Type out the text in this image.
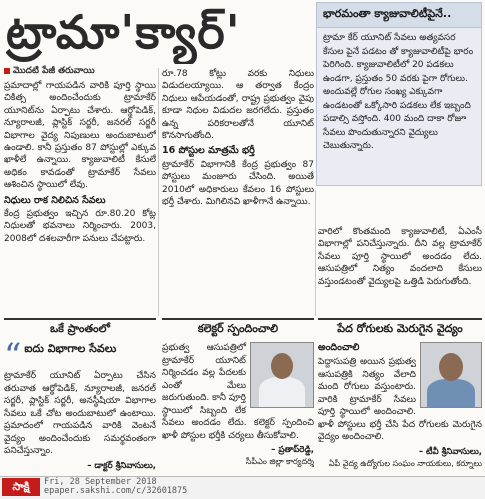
ట్రామా'క్యార్'	భారమంతా క్యాజువాలిటీపైనే..
ట్రామా కేర్ యూనిట్ సేవలు అత్యవసర కేసుల పైనే పడటం తో క్యాజువాలిటీపై భారం పెరిగింది. క్యాజువాలిటీలో 20 పడకలు ఉండగా, ప్రస్తుతం 50 వరకు పైగా రోగులు. అందువల్లే రోగుల సంఖ్య ఎక్కువగా ఉండటంతో ఒక్కోసారి పడకలు లేక ఇబ్బంది పడాల్సి వస్తోంది. 400 మంది దాకా రోజూ సేవలు పొందుతున్నారని వైద్యులు చెబుతున్నారు.
మొదటి పేజీ తరువాయి
ప్రమాదాల్లో గాయపడిన వారికి పూర్తి స్థాయి చికిత్స అందించేందుకు ట్రామాకేర్ యూనిట్‌ను ఏర్పాటు చేశారు. ఆర్థోపెడిక్, న్యూరాలజీ, ప్లాస్టిక్ సర్జరీ, జనరల్ సర్జరీ విభాగాల వైద్య నిపుణులు అందుబాటులో ఉండాలి. కానీ ప్రస్తుతం 87 పోస్టుల్లో ఎక్కువ ఖాళీలే ఉన్నాయి. క్యాజువాలిటీ కేసులే అధికం కావడంతో ట్రామాకేర్ సేవలు ఆశించిన స్థాయిలో లేవు.
నిధులు రాక నిలిచిన సేవలు
కేంద్ర ప్రభుత్వం ఇచ్చిన రూ.80.20 కోట్ల నిధులతో భవనాలు నిర్మించారు. 2003, 2008లో దశలవారీగా పనులు చేపట్టారు.
రూ.78 కోట్లు వరకు నిధులు విడుదలయ్యాయి. ఆ తర్వాత కేంద్రం నిధులు ఆపేయడంతో, రాష్ట్ర ప్రభుత్వం వైపు కూడా నిధుల విడుదల జరగలేదు. ప్రస్తుతం ఉన్న పరికరాలతోనే యూనిట్ కొనసాగుతోంది.
16 పోస్టుల మాత్రమే భర్తీ
ట్రామాకేర్ విభాగానికి కేంద్ర ప్రభుత్వం 87 పోస్టులు మంజూరు చేసింది. అయితే 2010లో అధికారులు కేవలం 16 పోస్టులు భర్తీ చేశారు. మిగిలినవి ఖాళీగానే ఉన్నాయి.
వారిలో కొంతమంది క్యాజువాలిటీ, ఏఎంసీ విభాగాల్లో పనిచేస్తున్నారు. దీని వల్ల ట్రామాకేర్ సేవలు పూర్తి స్థాయిలో అందడం లేదు. ఆసుపత్రిలో నిత్యం వందలాది కేసులు వస్తుండటంతో వైద్యులపై ఒత్తిడి పెరుగుతోంది.
ఒకే ప్రాంతంలో
“ ఐదు విభాగాల సేవలు

ట్రామాకేర్ యూనిట్ ఏర్పాటు చేసిన తరువాత ఆర్థోపెడిక్, న్యూరాలజీ, జనరల్ సర్జరీ, ప్లాస్టిక్ సర్జరీ, అనస్థీషియా విభాగాల సేవలు ఒకే చోట అందుబాటులో ఉంటాయి. ప్రమాదంలో గాయపడిన వారికి వెంటనే వైద్యం అందించేందుకు సమర్థవంతంగా పనిచేస్తున్నాం.

– డాక్టర్ శ్రీనివాసులు,
కలెక్టర్ స్పందించాలి

ప్రభుత్వ ఆసుపత్రిలో ట్రామాకేర్ యూనిట్ నిర్మించడం వల్ల పేదలకు ఎంతో మేలు జరుగుతుంది. కానీ పూర్తి స్థాయిలో సిబ్బంది లేక సేవలు అందడం లేదు. కలెక్టర్ స్పందించి ఖాళీ పోస్టుల భర్తీకి చర్యలు తీసుకోవాలి.

– ప్రతాప్‌రెడ్డి,
సీపీఎం జిల్లా కార్యదర్శి
పేద రోగులకు మెరుగైన వైద్యం
అందించాలి

పెద్దాసుపత్రి అయిన ప్రభుత్వ ఆసుపత్రికి నిత్యం వేలాది మంది రోగులు వస్తుంటారు. వారికి ట్రామాకేర్ సేవలు పూర్తి స్థాయిలో అందించాలి. ఖాళీ పోస్టులు భర్తీ చేసి పేద రోగులకు మెరుగైన వైద్యం అందించాలి.

– టీవీ శ్రీనివాసులు,
ఏపీ వైద్య ఉద్యోగుల సంఘం నాయకులు, కర్నూలు
సాక్షి	Fri, 28 September 2018
epaper.sakshi.com/c/32601875
